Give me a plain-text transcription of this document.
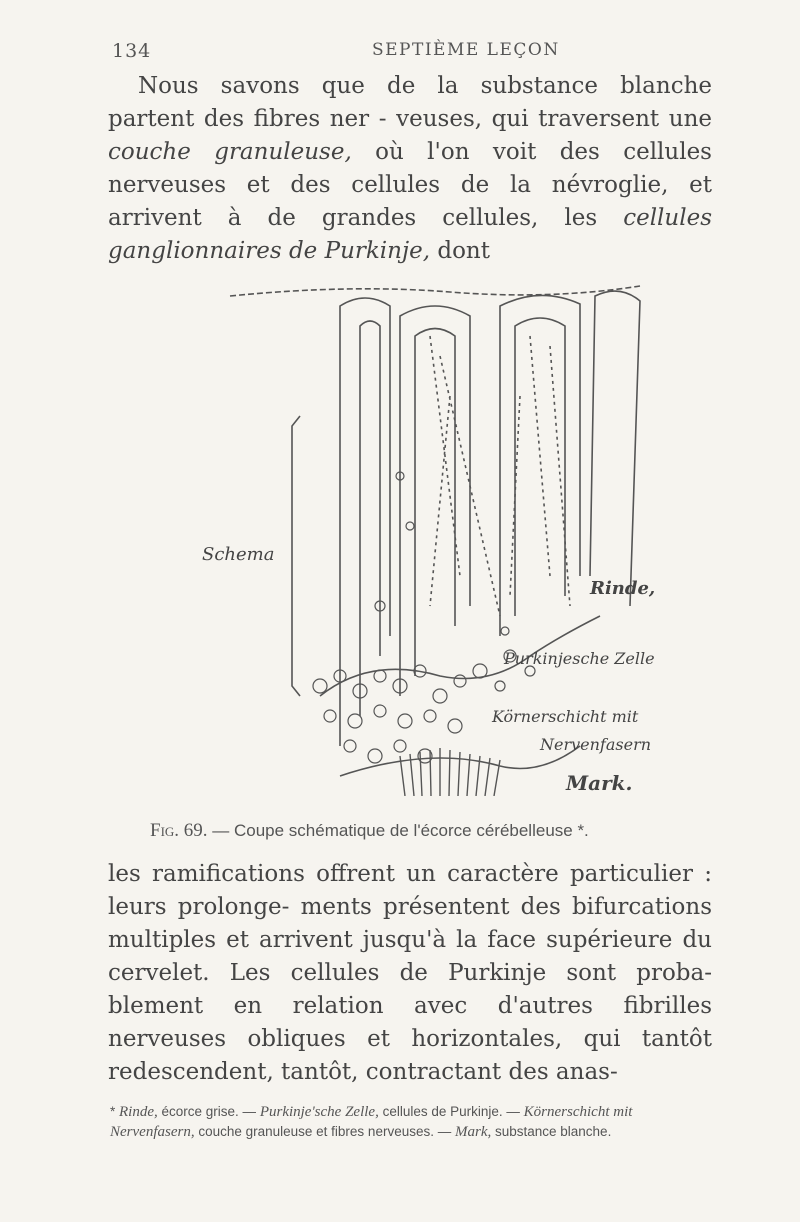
134	SEPTIÈME LEÇON

Nous savons que de la substance blanche partent des fibres ner - veuses, qui traversent une couche granuleuse, où l'on voit des cellules nerveuses et des cellules de la névroglie, et arrivent à de grandes cellules, les cellules ganglionnaires de Purkinje, dont

Schema
Rinde,
Purkinjesche Zelle
Körnerschicht mit
Nervenfasern
Mark.
Fig. 69. — Coupe schématique de l'écorce cérébelleuse *.

les ramifications offrent un caractère particulier : leurs prolonge- ments présentent des bifurcations multiples et arrivent jusqu'à la face supérieure du cervelet. Les cellules de Purkinje sont proba- blement en relation avec d'autres fibrilles nerveuses obliques et horizontales, qui tantôt redescendent, tantôt, contractant des anas-

* Rinde, écorce grise. — Purkinje'sche Zelle, cellules de Purkinje. — Körnerschicht mit Nervenfasern, couche granuleuse et fibres nerveuses. — Mark, substance blanche.
